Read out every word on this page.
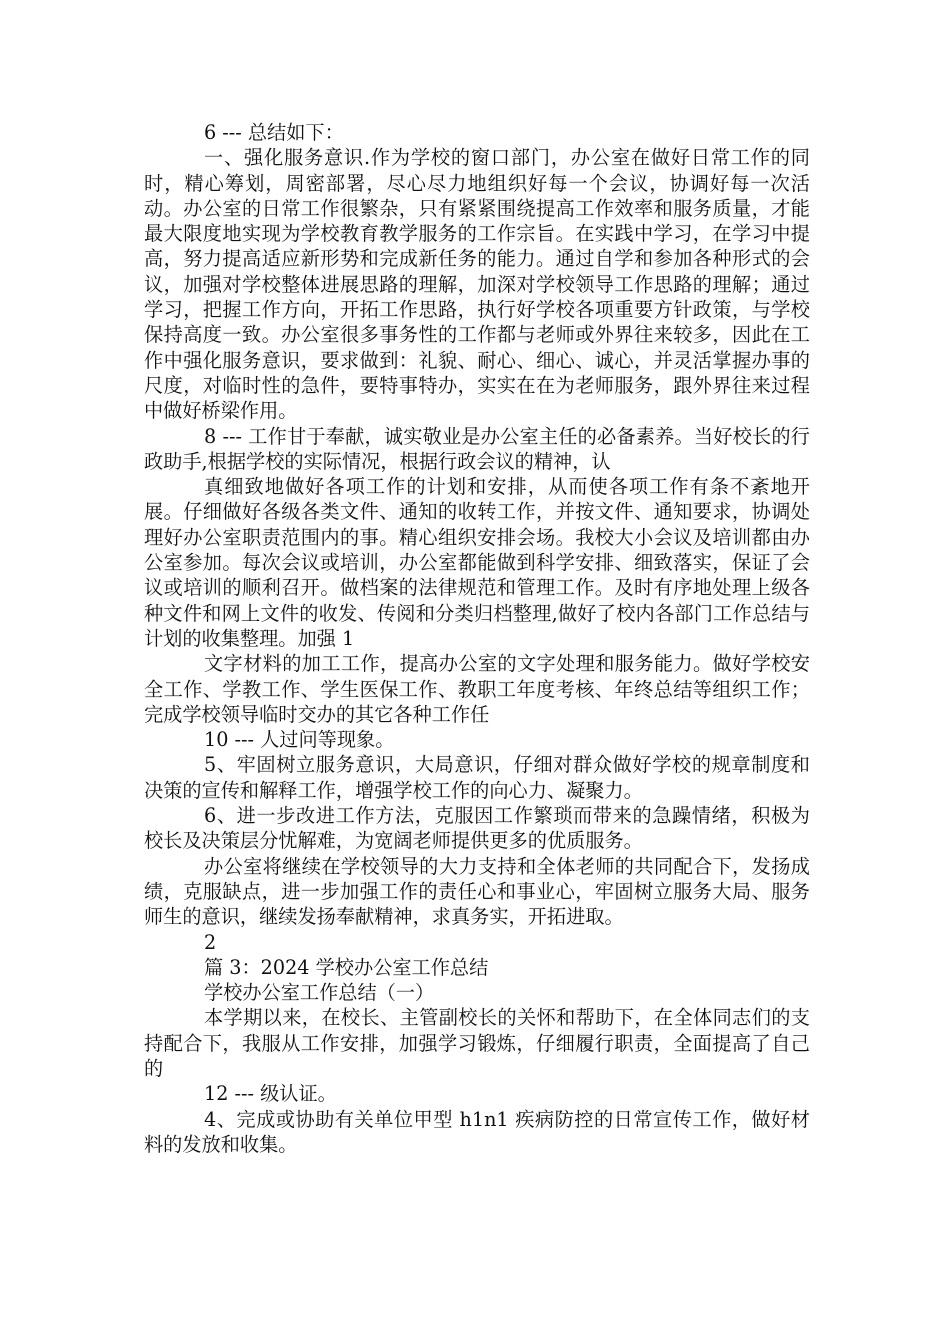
6 --- 总结如下：

一、强化服务意识.作为学校的窗口部门，办公室在做好日常工作的同时，精心筹划，周密部署，尽心尽力地组织好每一个会议，协调好每一次活动。办公室的日常工作很繁杂，只有紧紧围绕提高工作效率和服务质量，才能最大限度地实现为学校教育教学服务的工作宗旨。在实践中学习，在学习中提高，努力提高适应新形势和完成新任务的能力。通过自学和参加各种形式的会议，加强对学校整体进展思路的理解，加深对学校领导工作思路的理解；通过学习，把握工作方向，开拓工作思路，执行好学校各项重要方针政策，与学校保持高度一致。办公室很多事务性的工作都与老师或外界往来较多，因此在工作中强化服务意识，要求做到：礼貌、耐心、细心、诚心，并灵活掌握办事的尺度，对临时性的急件，要特事特办，实实在在为老师服务，跟外界往来过程中做好桥梁作用。

8 --- 工作甘于奉献，诚实敬业是办公室主任的必备素养。当好校长的行政助手,根据学校的实际情况，根据行政会议的精神，认

真细致地做好各项工作的计划和安排，从而使各项工作有条不紊地开展。仔细做好各级各类文件、通知的收转工作，并按文件、通知要求，协调处理好办公室职责范围内的事。精心组织安排会场。我校大小会议及培训都由办公室参加。每次会议或培训，办公室都能做到科学安排、细致落实，保证了会议或培训的顺利召开。做档案的法律规范和管理工作。及时有序地处理上级各种文件和网上文件的收发、传阅和分类归档整理,做好了校内各部门工作总结与计划的收集整理。加强 1

文字材料的加工工作，提高办公室的文字处理和服务能力。做好学校安全工作、学教工作、学生医保工作、教职工年度考核、年终总结等组织工作；完成学校领导临时交办的其它各种工作任

10 --- 人过问等现象。

5、牢固树立服务意识，大局意识，仔细对群众做好学校的规章制度和决策的宣传和解释工作，增强学校工作的向心力、凝聚力。

6、进一步改进工作方法，克服因工作繁琐而带来的急躁情绪，积极为校长及决策层分忧解难，为宽阔老师提供更多的优质服务。

办公室将继续在学校领导的大力支持和全体老师的共同配合下，发扬成绩，克服缺点，进一步加强工作的责任心和事业心，牢固树立服务大局、服务师生的意识，继续发扬奉献精神，求真务实，开拓进取。

2

篇 3：2024 学校办公室工作总结

学校办公室工作总结（一）

本学期以来，在校长、主管副校长的关怀和帮助下，在全体同志们的支持配合下，我服从工作安排，加强学习锻炼，仔细履行职责，全面提高了自己的

12 --- 级认证。

4、完成或协助有关单位甲型 h1n1 疾病防控的日常宣传工作，做好材料的发放和收集。
